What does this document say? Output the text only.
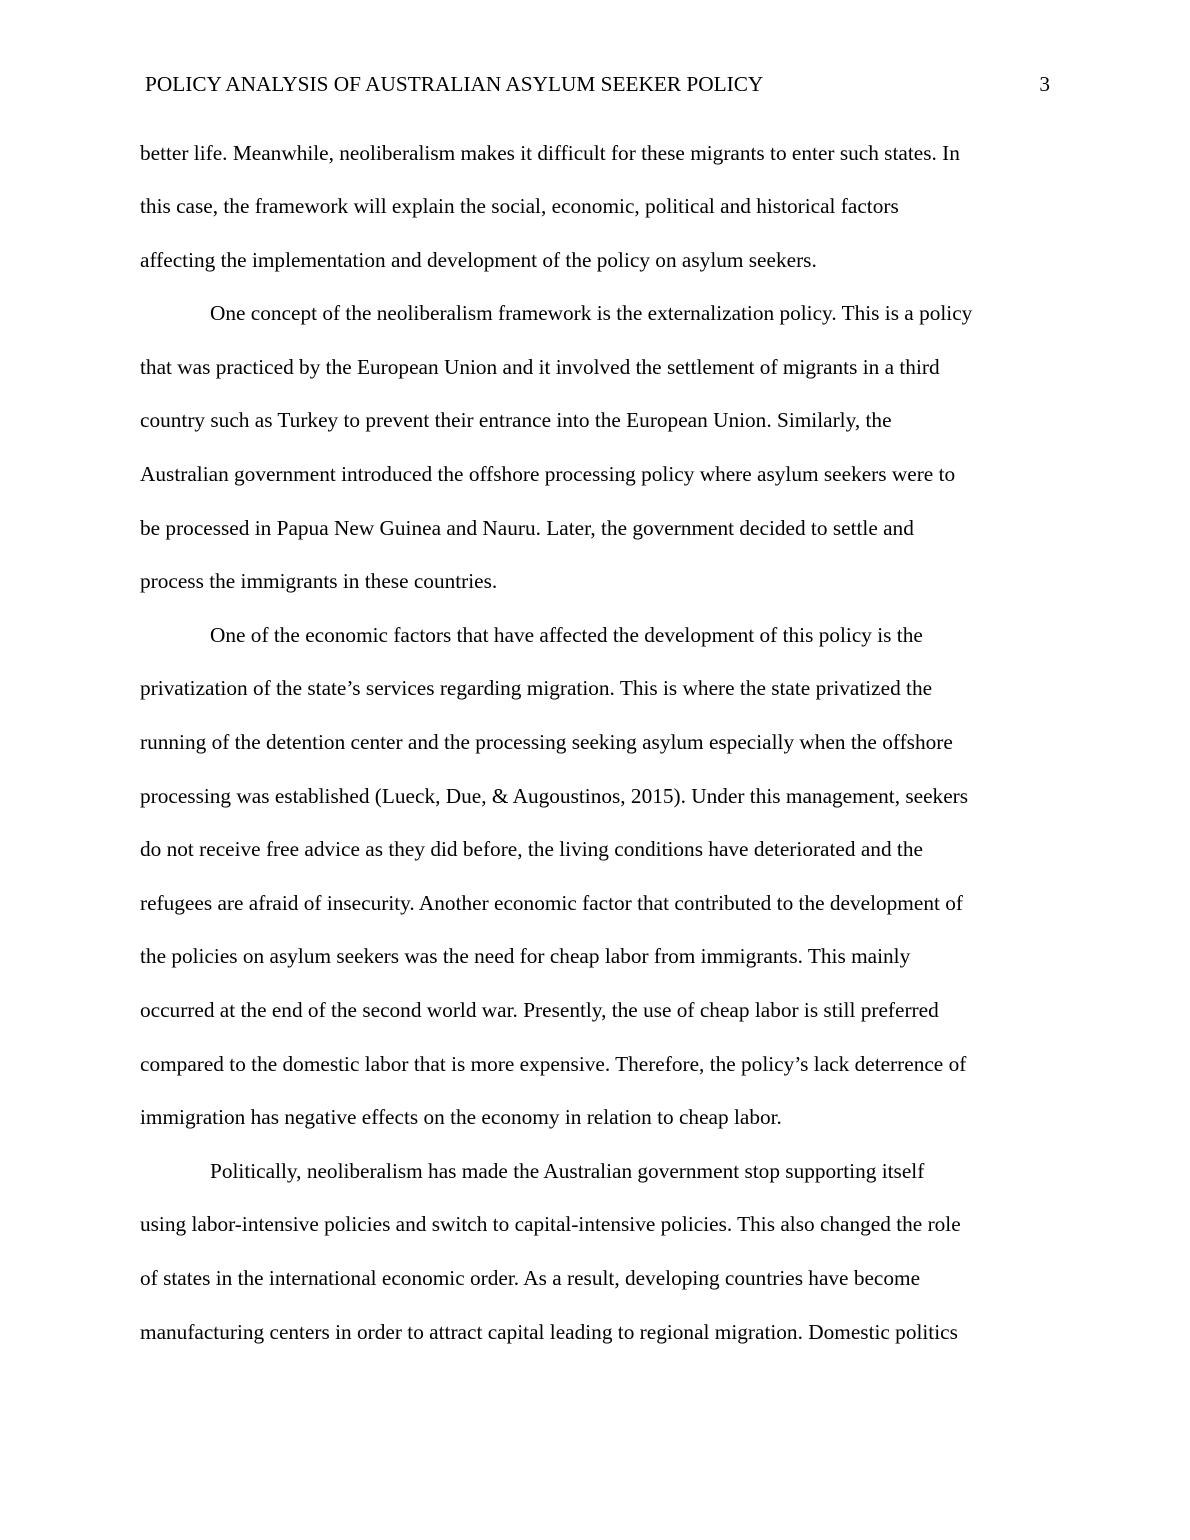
POLICY ANALYSIS OF AUSTRALIAN ASYLUM SEEKER POLICY	3
better life. Meanwhile, neoliberalism makes it difficult for these migrants to enter such states. In
this case, the framework will explain the social, economic, political and historical factors
affecting the implementation and development of the policy on asylum seekers.
One concept of the neoliberalism framework is the externalization policy. This is a policy
that was practiced by the European Union and it involved the settlement of migrants in a third
country such as Turkey to prevent their entrance into the European Union. Similarly, the
Australian government introduced the offshore processing policy where asylum seekers were to
be processed in Papua New Guinea and Nauru. Later, the government decided to settle and
process the immigrants in these countries.
One of the economic factors that have affected the development of this policy is the
privatization of the state’s services regarding migration. This is where the state privatized the
running of the detention center and the processing seeking asylum especially when the offshore
processing was established (Lueck, Due, & Augoustinos, 2015). Under this management, seekers
do not receive free advice as they did before, the living conditions have deteriorated and the
refugees are afraid of insecurity. Another economic factor that contributed to the development of
the policies on asylum seekers was the need for cheap labor from immigrants. This mainly
occurred at the end of the second world war. Presently, the use of cheap labor is still preferred
compared to the domestic labor that is more expensive. Therefore, the policy’s lack deterrence of
immigration has negative effects on the economy in relation to cheap labor.
Politically, neoliberalism has made the Australian government stop supporting itself
using labor-intensive policies and switch to capital-intensive policies. This also changed the role
of states in the international economic order. As a result, developing countries have become
manufacturing centers in order to attract capital leading to regional migration. Domestic politics
